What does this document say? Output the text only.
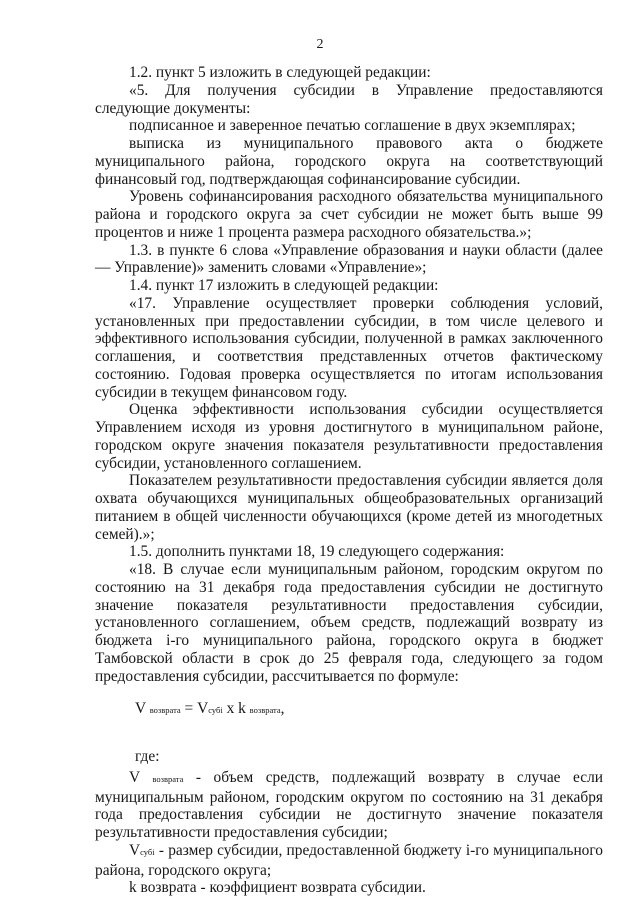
2

1.2. пункт 5 изложить в следующей редакции:

«5. Для получения субсидии в Управление предоставляются следующие документы:

подписанное и заверенное печатью соглашение в двух экземплярах;

выписка из муниципального правового акта о бюджете муниципального района, городского округа на соответствующий финансовый год, подтверждающая софинансирование субсидии.

Уровень софинансирования расходного обязательства муниципального района и городского округа за счет субсидии не может быть выше 99 процентов и ниже 1 процента размера расходного обязательства.»;

1.3. в пункте 6 слова «Управление образования и науки области (далее — Управление)» заменить словами «Управление»;

1.4. пункт 17 изложить в следующей редакции:

«17. Управление осуществляет проверки соблюдения условий, установленных при предоставлении субсидии, в том числе целевого и эффективного использования субсидии, полученной в рамках заключенного соглашения, и соответствия представленных отчетов фактическому состоянию. Годовая проверка осуществляется по итогам использования субсидии в текущем финансовом году.

Оценка эффективности использования субсидии осуществляется Управлением исходя из уровня достигнутого в муниципальном районе, городском округе значения показателя результативности предоставления субсидии, установленного соглашением.

Показателем результативности предоставления субсидии является доля охвата обучающихся муниципальных общеобразовательных организаций питанием в общей численности обучающихся (кроме детей из многодетных семей).»;

1.5. дополнить пунктами 18, 19 следующего содержания:

«18. В случае если муниципальным районом, городским округом по состоянию на 31 декабря года предоставления субсидии не достигнуто значение показателя результативности предоставления субсидии, установленного соглашением, объем средств, подлежащий возврату из бюджета i-го муниципального района, городского округа в бюджет Тамбовской области в срок до 25 февраля года, следующего за годом предоставления субсидии, рассчитывается по формуле:

V возврата = Vсубi x k возврата,

где:

V возврата - объем средств, подлежащий возврату в случае если муниципальным районом, городским округом по состоянию на 31 декабря года предоставления субсидии не достигнуто значение показателя результативности предоставления субсидии;

Vсубi - размер субсидии, предоставленной бюджету i-го муниципального района, городского округа;

k возврата - коэффициент возврата субсидии.
